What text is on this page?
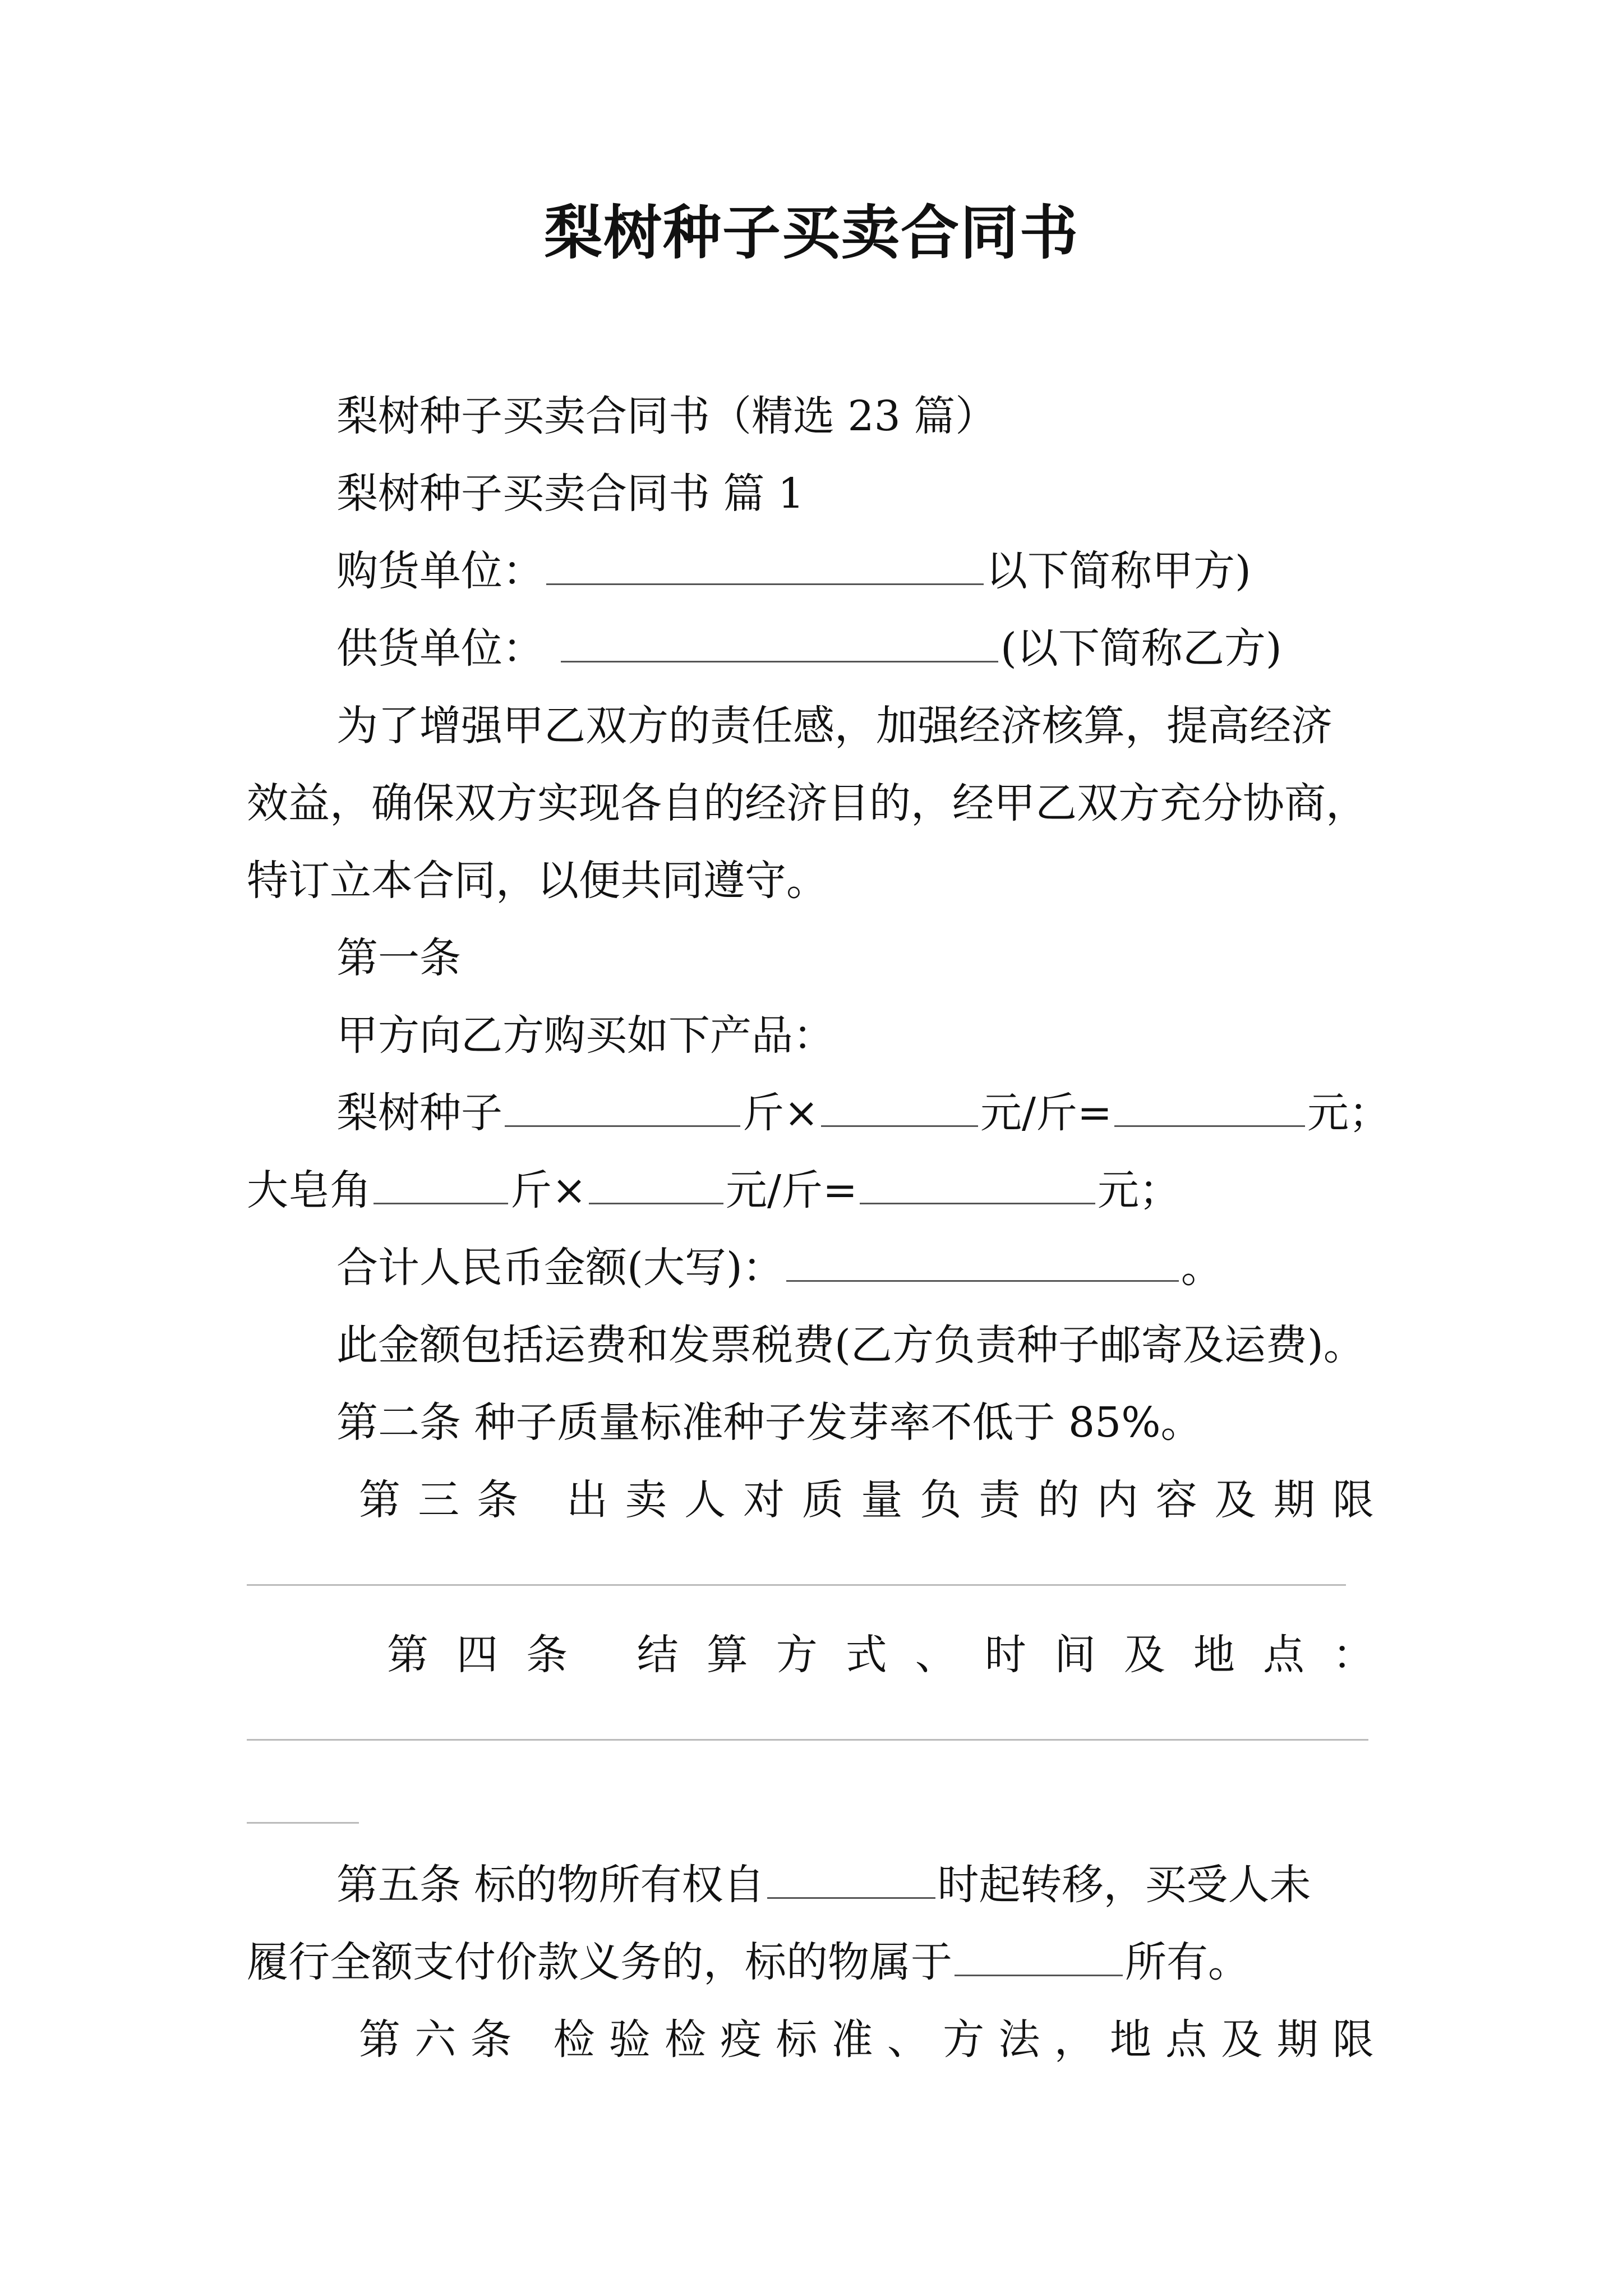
梨树种子买卖合同书
梨树种子买卖合同书（精选 23 篇）
梨树种子买卖合同书 篇 1
购货单位：	以下简称甲方)
供货单位：	(以下简称乙方)
为了增强甲乙双方的责任感，加强经济核算，提高经济
效益，确保双方实现各自的经济目的，经甲乙双方充分协商，
特订立本合同，以便共同遵守。
第一条
甲方向乙方购买如下产品：
梨树种子	斤×	元/斤=	元；
大皂角	斤×	元/斤=	元；
合计人民币金额(大写)：	。
此金额包括运费和发票税费(乙方负责种子邮寄及运费)。
第二条 种子质量标准种子发芽率不低于 85%。
第 三 条
出 卖 人 对 质 量 负 责 的 内 容 及 期 限
第 四 条
结 算 方 式 、 时 间 及 地 点 ：
第五条 标的物所有权自	时起转移，买受人未
履行全额支付价款义务的，标的物属于	所有。
第 六 条
检 验 检 疫 标 准 、 方 法 ， 地 点 及 期 限
